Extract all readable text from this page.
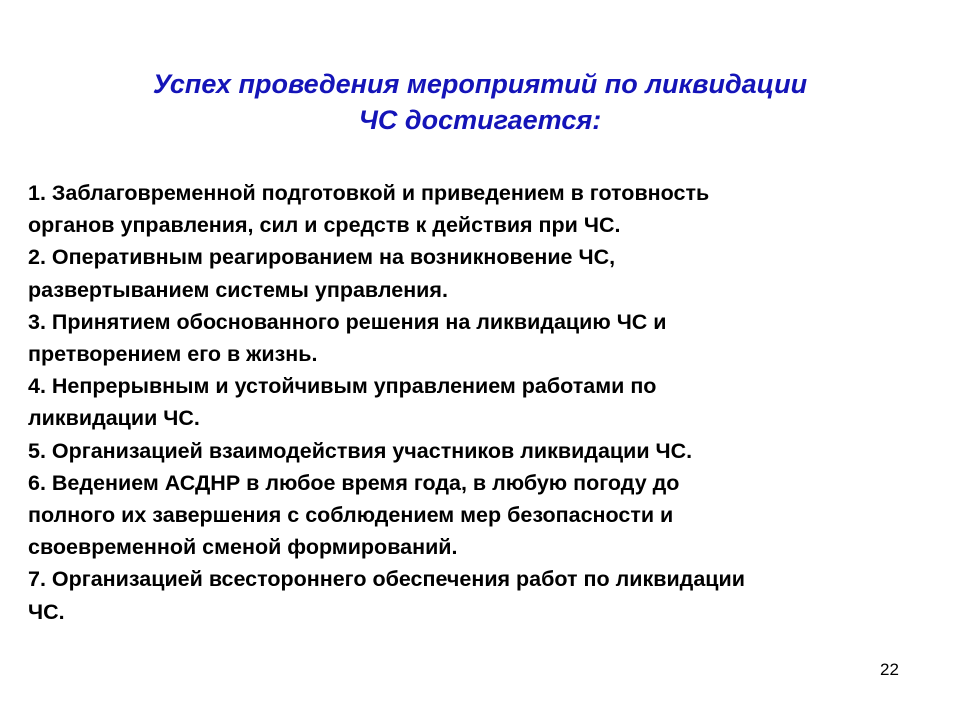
Успех проведения мероприятий по ликвидации
ЧС достигается:
1. Заблаговременной подготовкой и приведением в готовность
органов управления, сил и средств к действия при ЧС.
2. Оперативным реагированием на возникновение ЧС,
развертыванием системы управления.
3. Принятием обоснованного решения на ликвидацию ЧС и
претворением его в жизнь.
4. Непрерывным и устойчивым управлением работами по
ликвидации ЧС.
5. Организацией взаимодействия участников ликвидации ЧС.
6. Ведением АСДНР в любое время года, в любую погоду до
полного их завершения с соблюдением мер безопасности и
своевременной сменой формирований.
7. Организацией всестороннего обеспечения работ по ликвидации
ЧС.
22
